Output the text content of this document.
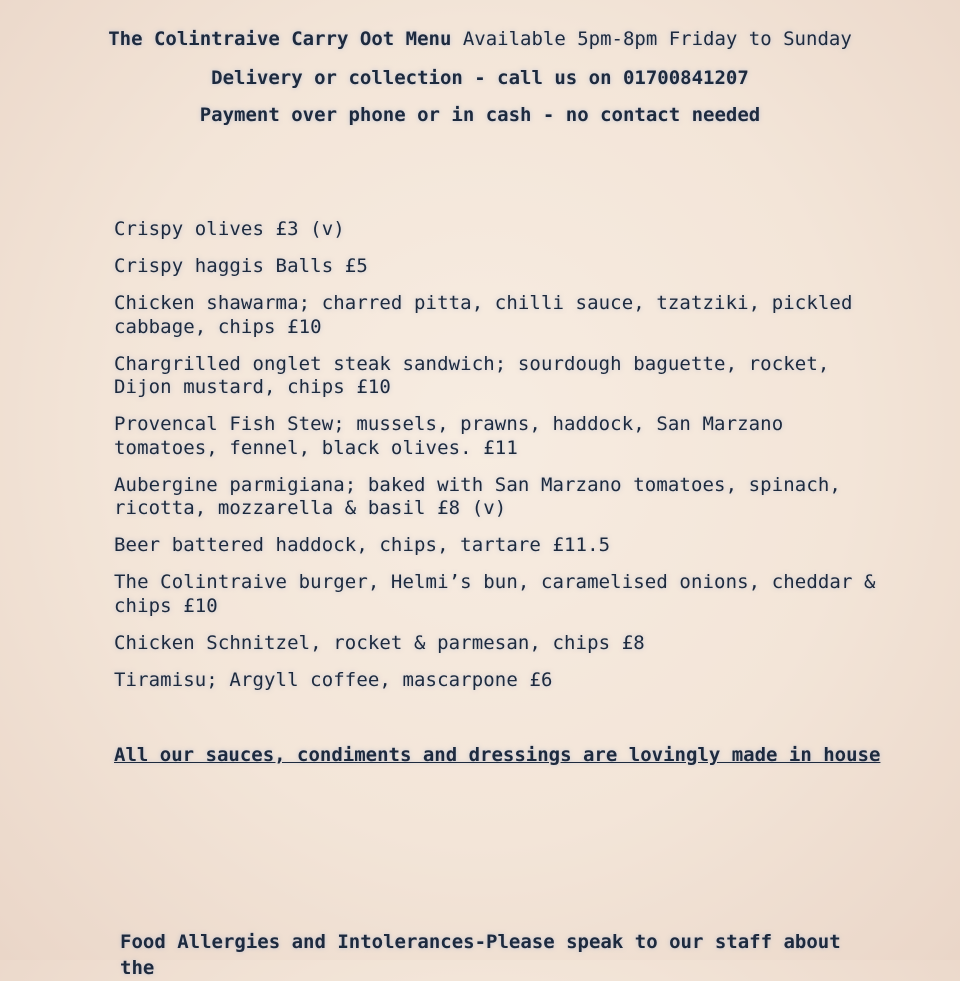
The Colintraive Carry Oot Menu Available 5pm-8pm Friday to Sunday
Delivery or collection - call us on 01700841207
Payment over phone or in cash - no contact needed
Crispy olives £3 (v)
Crispy haggis Balls £5
Chicken shawarma; charred pitta, chilli sauce, tzatziki, pickled cabbage, chips £10
Chargrilled onglet steak sandwich; sourdough baguette, rocket, Dijon mustard, chips £10
Provencal Fish Stew; mussels, prawns, haddock, San Marzano tomatoes, fennel, black olives. £11
Aubergine parmigiana; baked with San Marzano tomatoes, spinach, ricotta, mozzarella & basil £8 (v)
Beer battered haddock, chips, tartare £11.5
The Colintraive burger, Helmi’s bun, caramelised onions, cheddar & chips £10
Chicken Schnitzel, rocket & parmesan, chips £8
Tiramisu; Argyll coffee, mascarpone £6
All our sauces, condiments and dressings are lovingly made in house
Food Allergies and Intolerances-Please speak to our staff about the
